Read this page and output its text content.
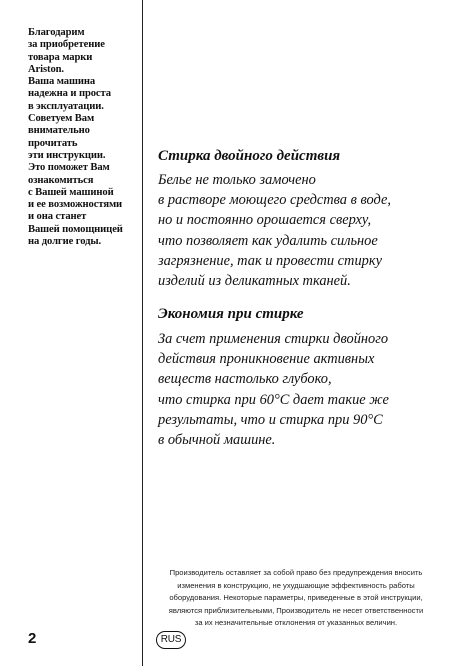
Благодарим
за приобретение
товара марки
Ariston.
Ваша машина
надежна и проста
в эксплуатации.
Советуем Вам
внимательно
прочитать
эти инструкции.
Это поможет Вам
ознакомиться
с Вашей машиной
и ее возможностями
и она станет
Вашей помощницей
на долгие годы.
Стирка двойного действия
Белье не только замочено
в растворе моющего средства в воде,
но и постоянно орошается сверху,
что позволяет как удалить сильное
загрязнение, так и провести стирку
изделий из деликатных тканей.
Экономия при стирке
За счет применения стирки двойного
действия проникновение активных
веществ настолько глубоко,
что стирка при 60°С дает такие же
результаты, что и стирка при 90°С
в обычной машине.
Производитель оставляет за собой право без предупреждения вносить
изменения в конструкцию, не ухудшающие эффективность работы
оборудования. Некоторые параметры, приведенные в этой инструкции,
являются приблизительными, Производитель не несет ответственности
за их незначительные отклонения от указанных величин.
2	RUS
